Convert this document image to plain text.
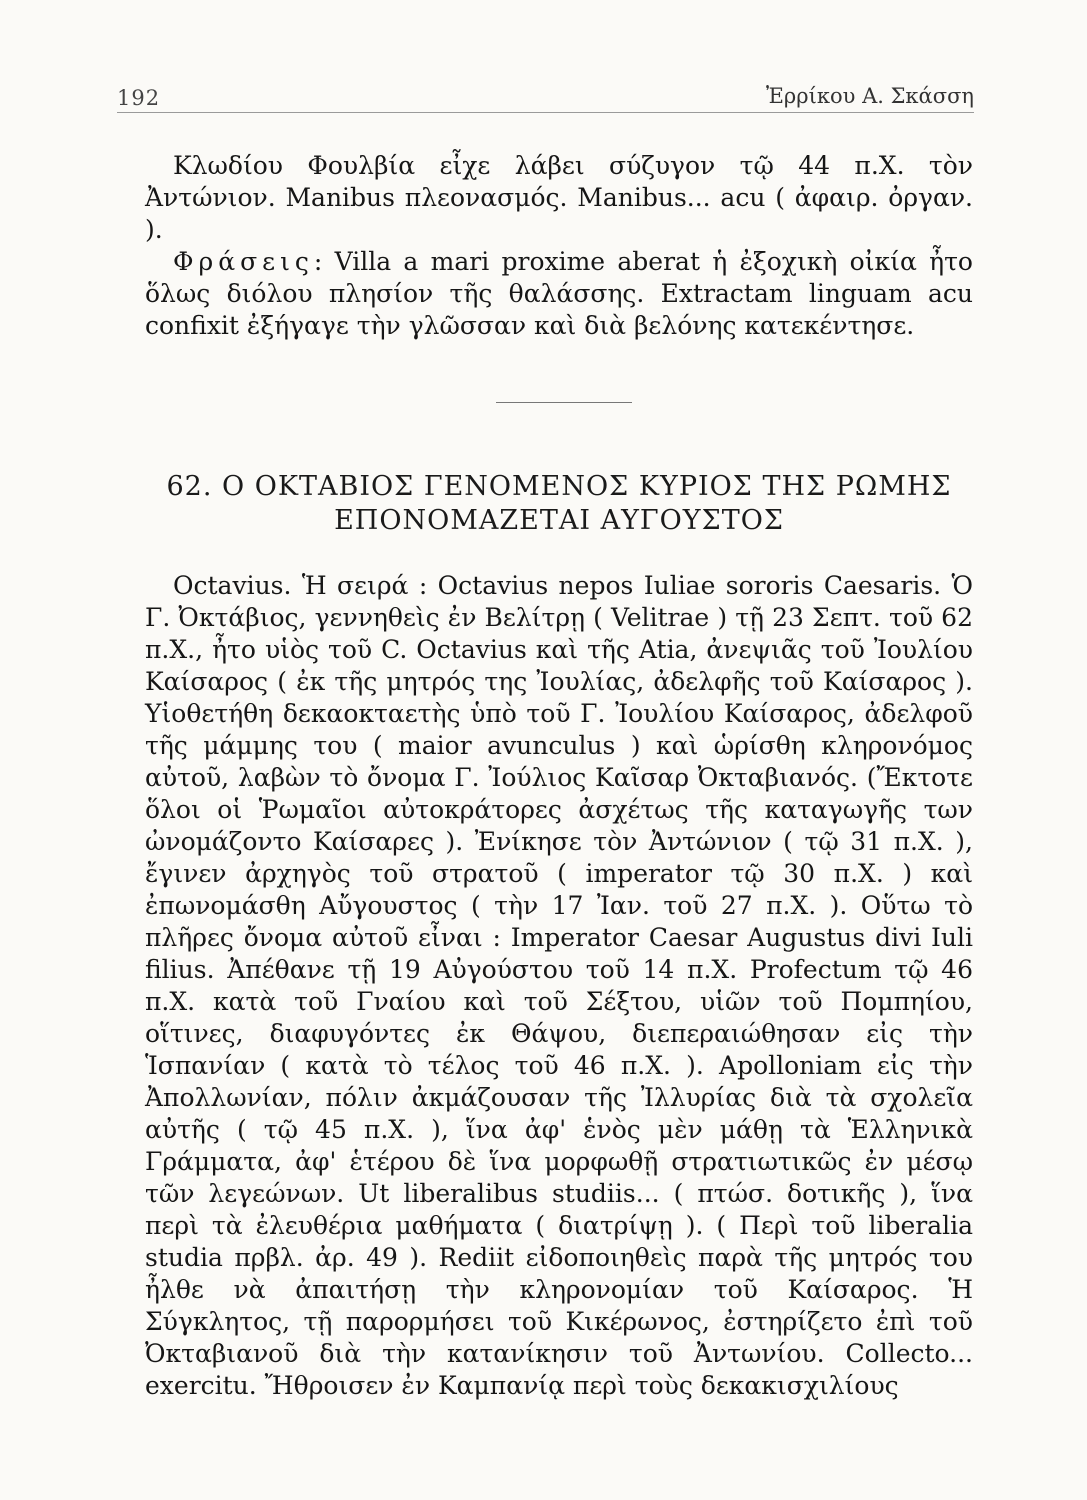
192	Ἐρρίκου Α. Σκάσση

Κλωδίου Φουλβία εἶχε λάβει σύζυγον τῷ 44 π.Χ. τὸν Ἀντώνιον. Manibus πλεονασμός. Manibus... acu ( ἀφαιρ. ὀργαν. ).

Φράσεις: Villa a mari proxime aberat ἡ ἐξοχικὴ οἰκία ἦτο ὅλως διόλου πλησίον τῆς θαλάσσης. Extractam linguam acu confixit ἐξήγαγε τὴν γλῶσσαν καὶ διὰ βελόνης κατεκέντησε.

62. Ο ΟΚΤΑΒΙΟΣ ΓΕΝΟΜΕΝΟΣ ΚΥΡΙΟΣ ΤΗΣ ΡΩΜΗΣ
ΕΠΟΝΟΜΑΖΕΤΑΙ ΑΥΓΟΥΣΤΟΣ

Octavius. Ἡ σειρά : Octavius nepos Iuliae sororis Caesaris. Ὁ Γ. Ὀκτάβιος, γεννηθεὶς ἐν Βελίτρῃ ( Velitrae ) τῇ 23 Σεπτ. τοῦ 62 π.Χ., ἦτο υἱὸς τοῦ C. Octavius καὶ τῆς Atia, ἀνεψιᾶς τοῦ Ἰουλίου Καίσαρος ( ἐκ τῆς μητρός της Ἰουλίας, ἀδελφῆς τοῦ Καίσαρος ). Υἱοθετήθη δεκαοκταετὴς ὑπὸ τοῦ Γ. Ἰουλίου Καίσαρος, ἀδελφοῦ τῆς μάμμης του ( maior avunculus ) καὶ ὡρίσθη κληρονόμος αὐτοῦ, λαβὼν τὸ ὄνομα Γ. Ἰούλιος Καῖσαρ Ὀκταβιανός. (Ἔκτοτε ὅλοι οἱ Ῥωμαῖοι αὐτοκράτορες ἀσχέτως τῆς καταγωγῆς των ὠνομάζοντο Καίσαρες ). Ἐνίκησε τὸν Ἀντώνιον ( τῷ 31 π.Χ. ), ἔγινεν ἀρχηγὸς τοῦ στρατοῦ ( imperator τῷ 30 π.Χ. ) καὶ ἐπωνομάσθη Αὔγουστος ( τὴν 17 Ἰαν. τοῦ 27 π.Χ. ). Οὕτω τὸ πλῆρες ὄνομα αὐτοῦ εἶναι : Imperator Caesar Augustus divi Iuli filius. Ἀπέθανε τῇ 19 Αὐγούστου τοῦ 14 π.Χ. Profectum τῷ 46 π.Χ. κατὰ τοῦ Γναίου καὶ τοῦ Σέξτου, υἱῶν τοῦ Πομπηίου, οἵτινες, διαφυγόντες ἐκ Θάψου, διεπεραιώθησαν εἰς τὴν Ἱσπανίαν ( κατὰ τὸ τέλος τοῦ 46 π.Χ. ). Apolloniam εἰς τὴν Ἀπολλωνίαν, πόλιν ἀκμάζουσαν τῆς Ἰλλυρίας διὰ τὰ σχολεῖα αὐτῆς ( τῷ 45 π.Χ. ), ἵνα ἀφ' ἑνὸς μὲν μάθῃ τὰ Ἑλληνικὰ Γράμματα, ἀφ' ἑτέρου δὲ ἵνα μορφωθῇ στρατιωτικῶς ἐν μέσῳ τῶν λεγεώνων. Ut liberalibus studiis... ( πτώσ. δοτικῆς ), ἵνα περὶ τὰ ἐλευθέρια μαθήματα ( διατρίψῃ ). ( Περὶ τοῦ liberalia studia πρβλ. ἀρ. 49 ). Rediit εἰδοποιηθεὶς παρὰ τῆς μητρός του ἦλθε νὰ ἀπαιτήσῃ τὴν κληρονομίαν τοῦ Καίσαρος. Ἡ Σύγκλητος, τῇ παρορμήσει τοῦ Κικέρωνος, ἐστηρίζετο ἐπὶ τοῦ Ὀκταβιανοῦ διὰ τὴν κατανίκησιν τοῦ Ἀντωνίου. Collecto... exercitu. Ἤθροισεν ἐν Καμπανίᾳ περὶ τοὺς δεκακισχιλίους
